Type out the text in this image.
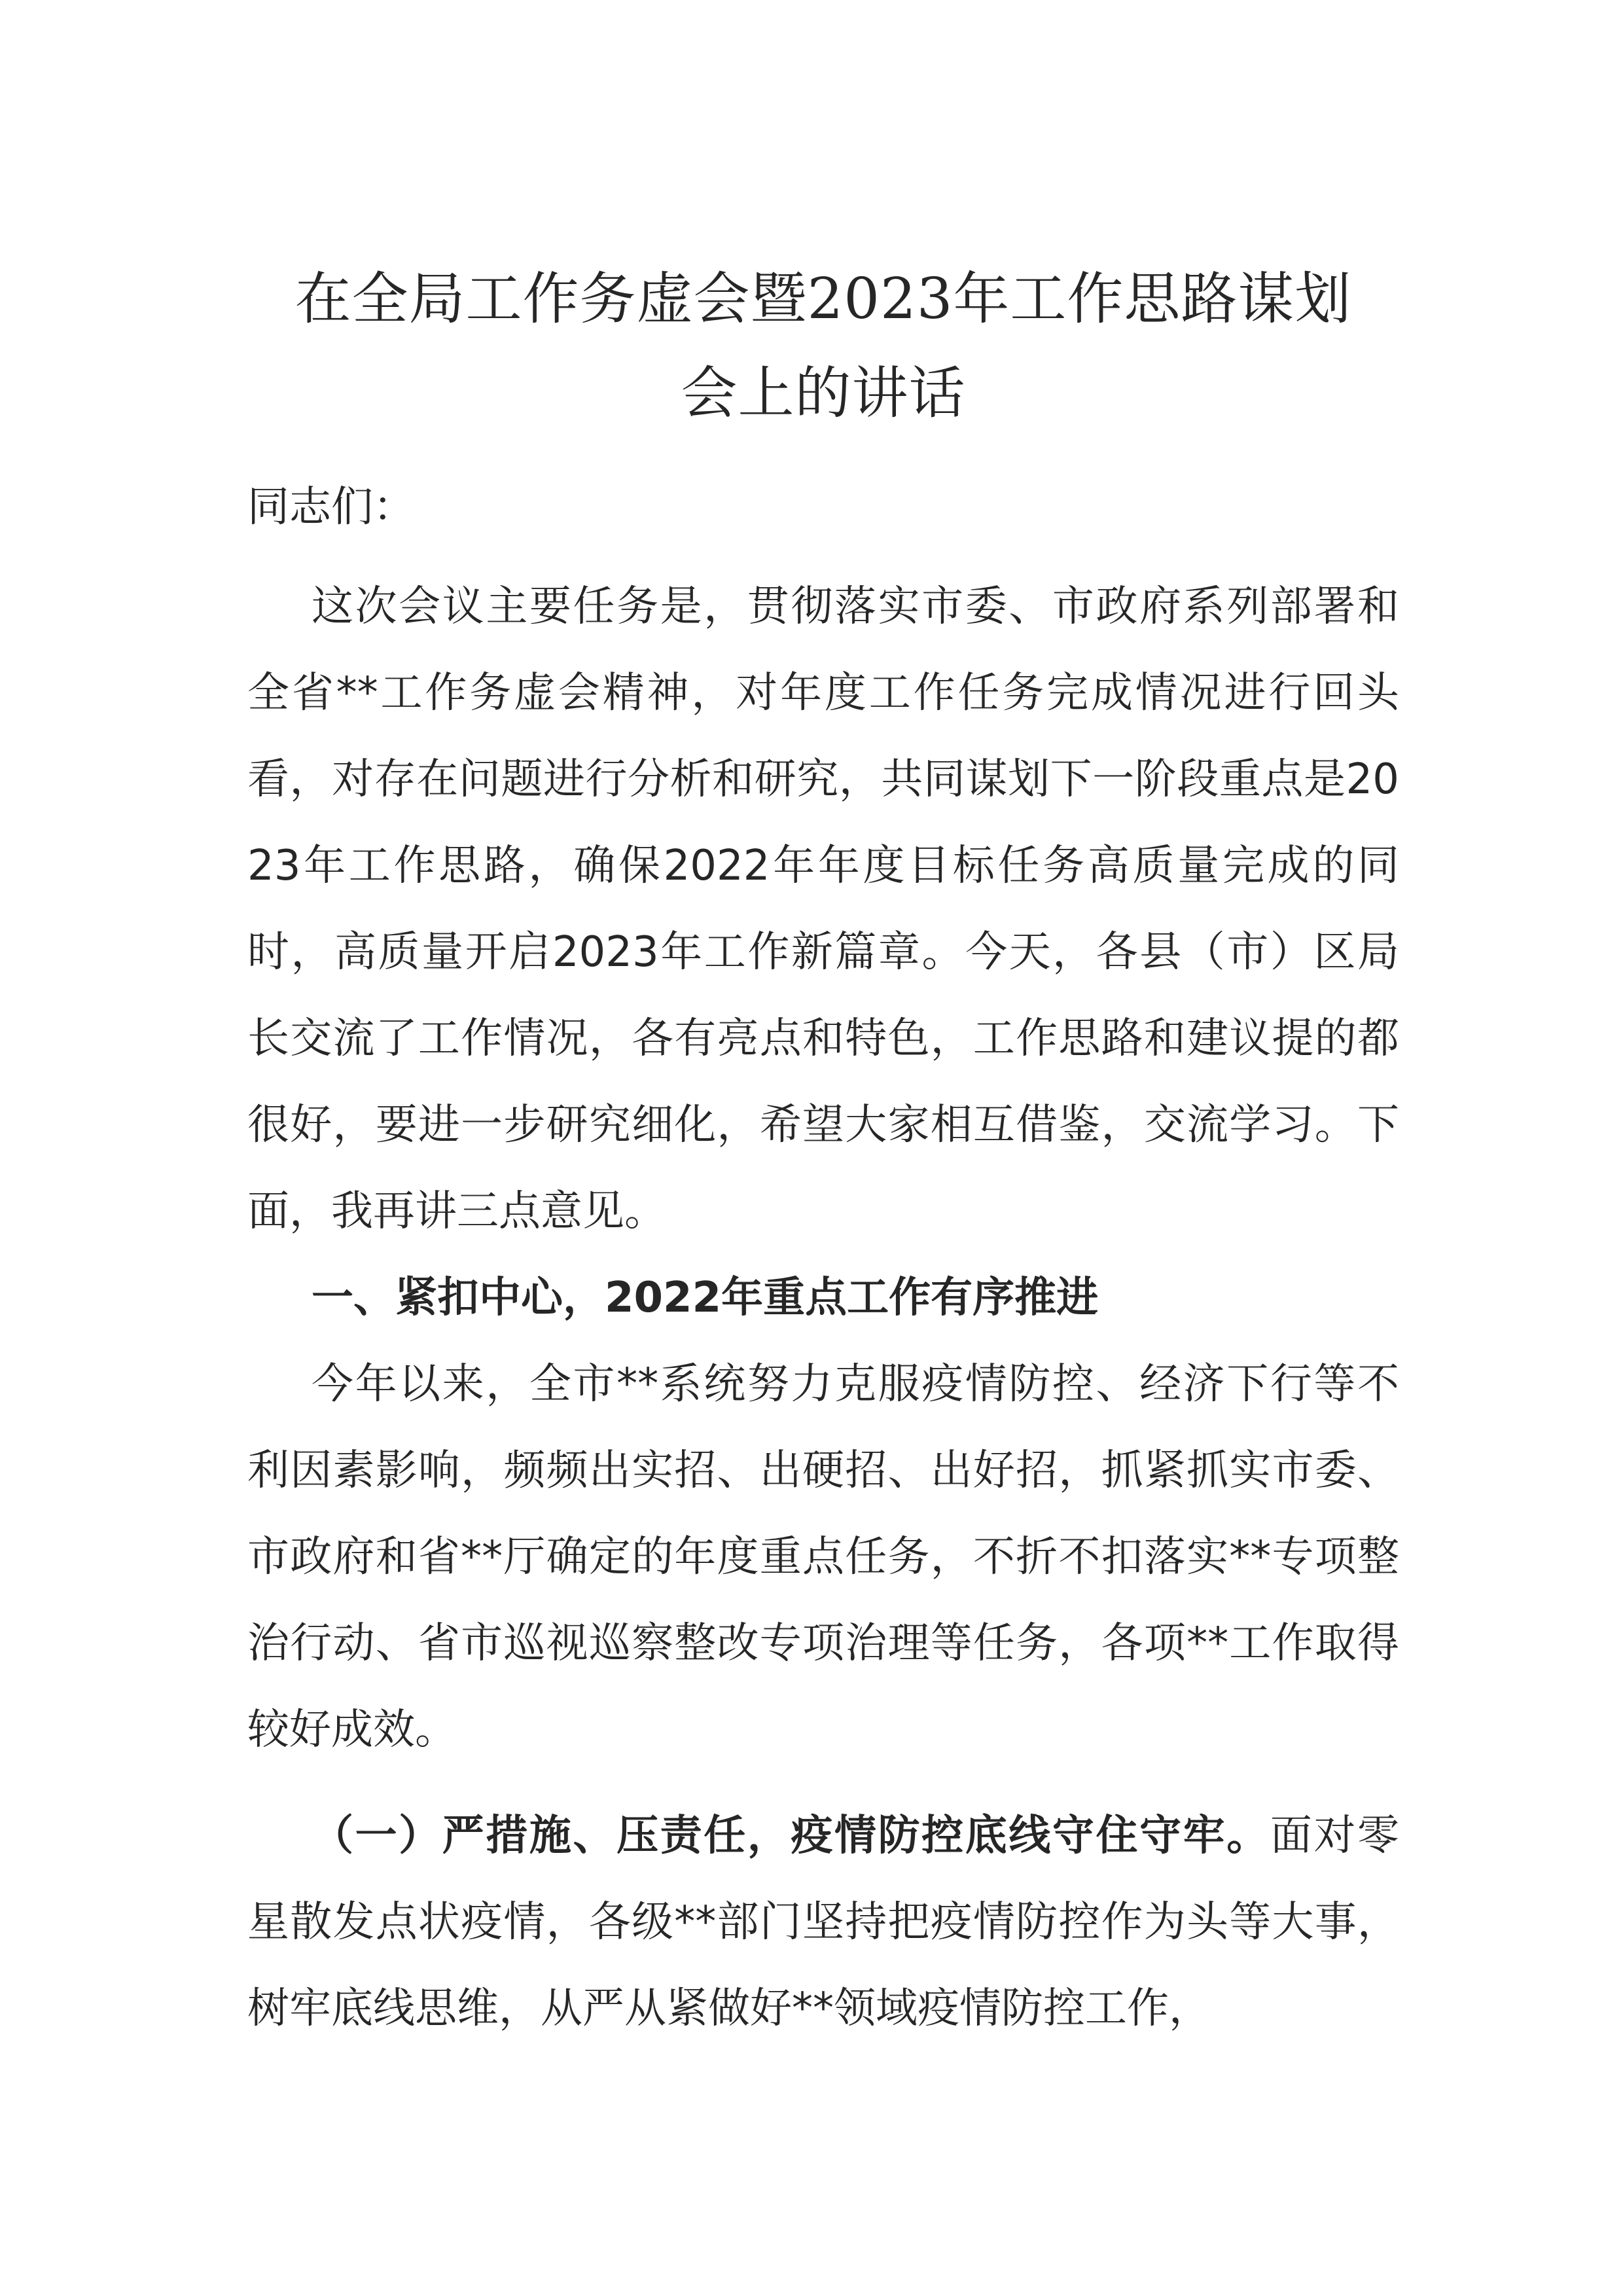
在全局工作务虚会暨2023年工作思路谋划
会上的讲话

同志们：

这次会议主要任务是，贯彻落实市委、市政府系列部署和全省**工作务虚会精神，对年度工作任务完成情况进行回头看，对存在问题进行分析和研究，共同谋划下一阶段重点是2023年工作思路，确保2022年年度目标任务高质量完成的同时，高质量开启2023年工作新篇章。今天，各县（市）区局长交流了工作情况，各有亮点和特色，工作思路和建议提的都很好，要进一步研究细化，希望大家相互借鉴，交流学习。下面，我再讲三点意见。

一、紧扣中心，2022年重点工作有序推进

今年以来，全市**系统努力克服疫情防控、经济下行等不利因素影响，频频出实招、出硬招、出好招，抓紧抓实市委、市政府和省**厅确定的年度重点任务，不折不扣落实**专项整治行动、省市巡视巡察整改专项治理等任务，各项**工作取得较好成效。

（一）严措施、压责任，疫情防控底线守住守牢。面对零星散发点状疫情，各级**部门坚持把疫情防控作为头等大事，树牢底线思维，从严从紧做好**领域疫情防控工作，
